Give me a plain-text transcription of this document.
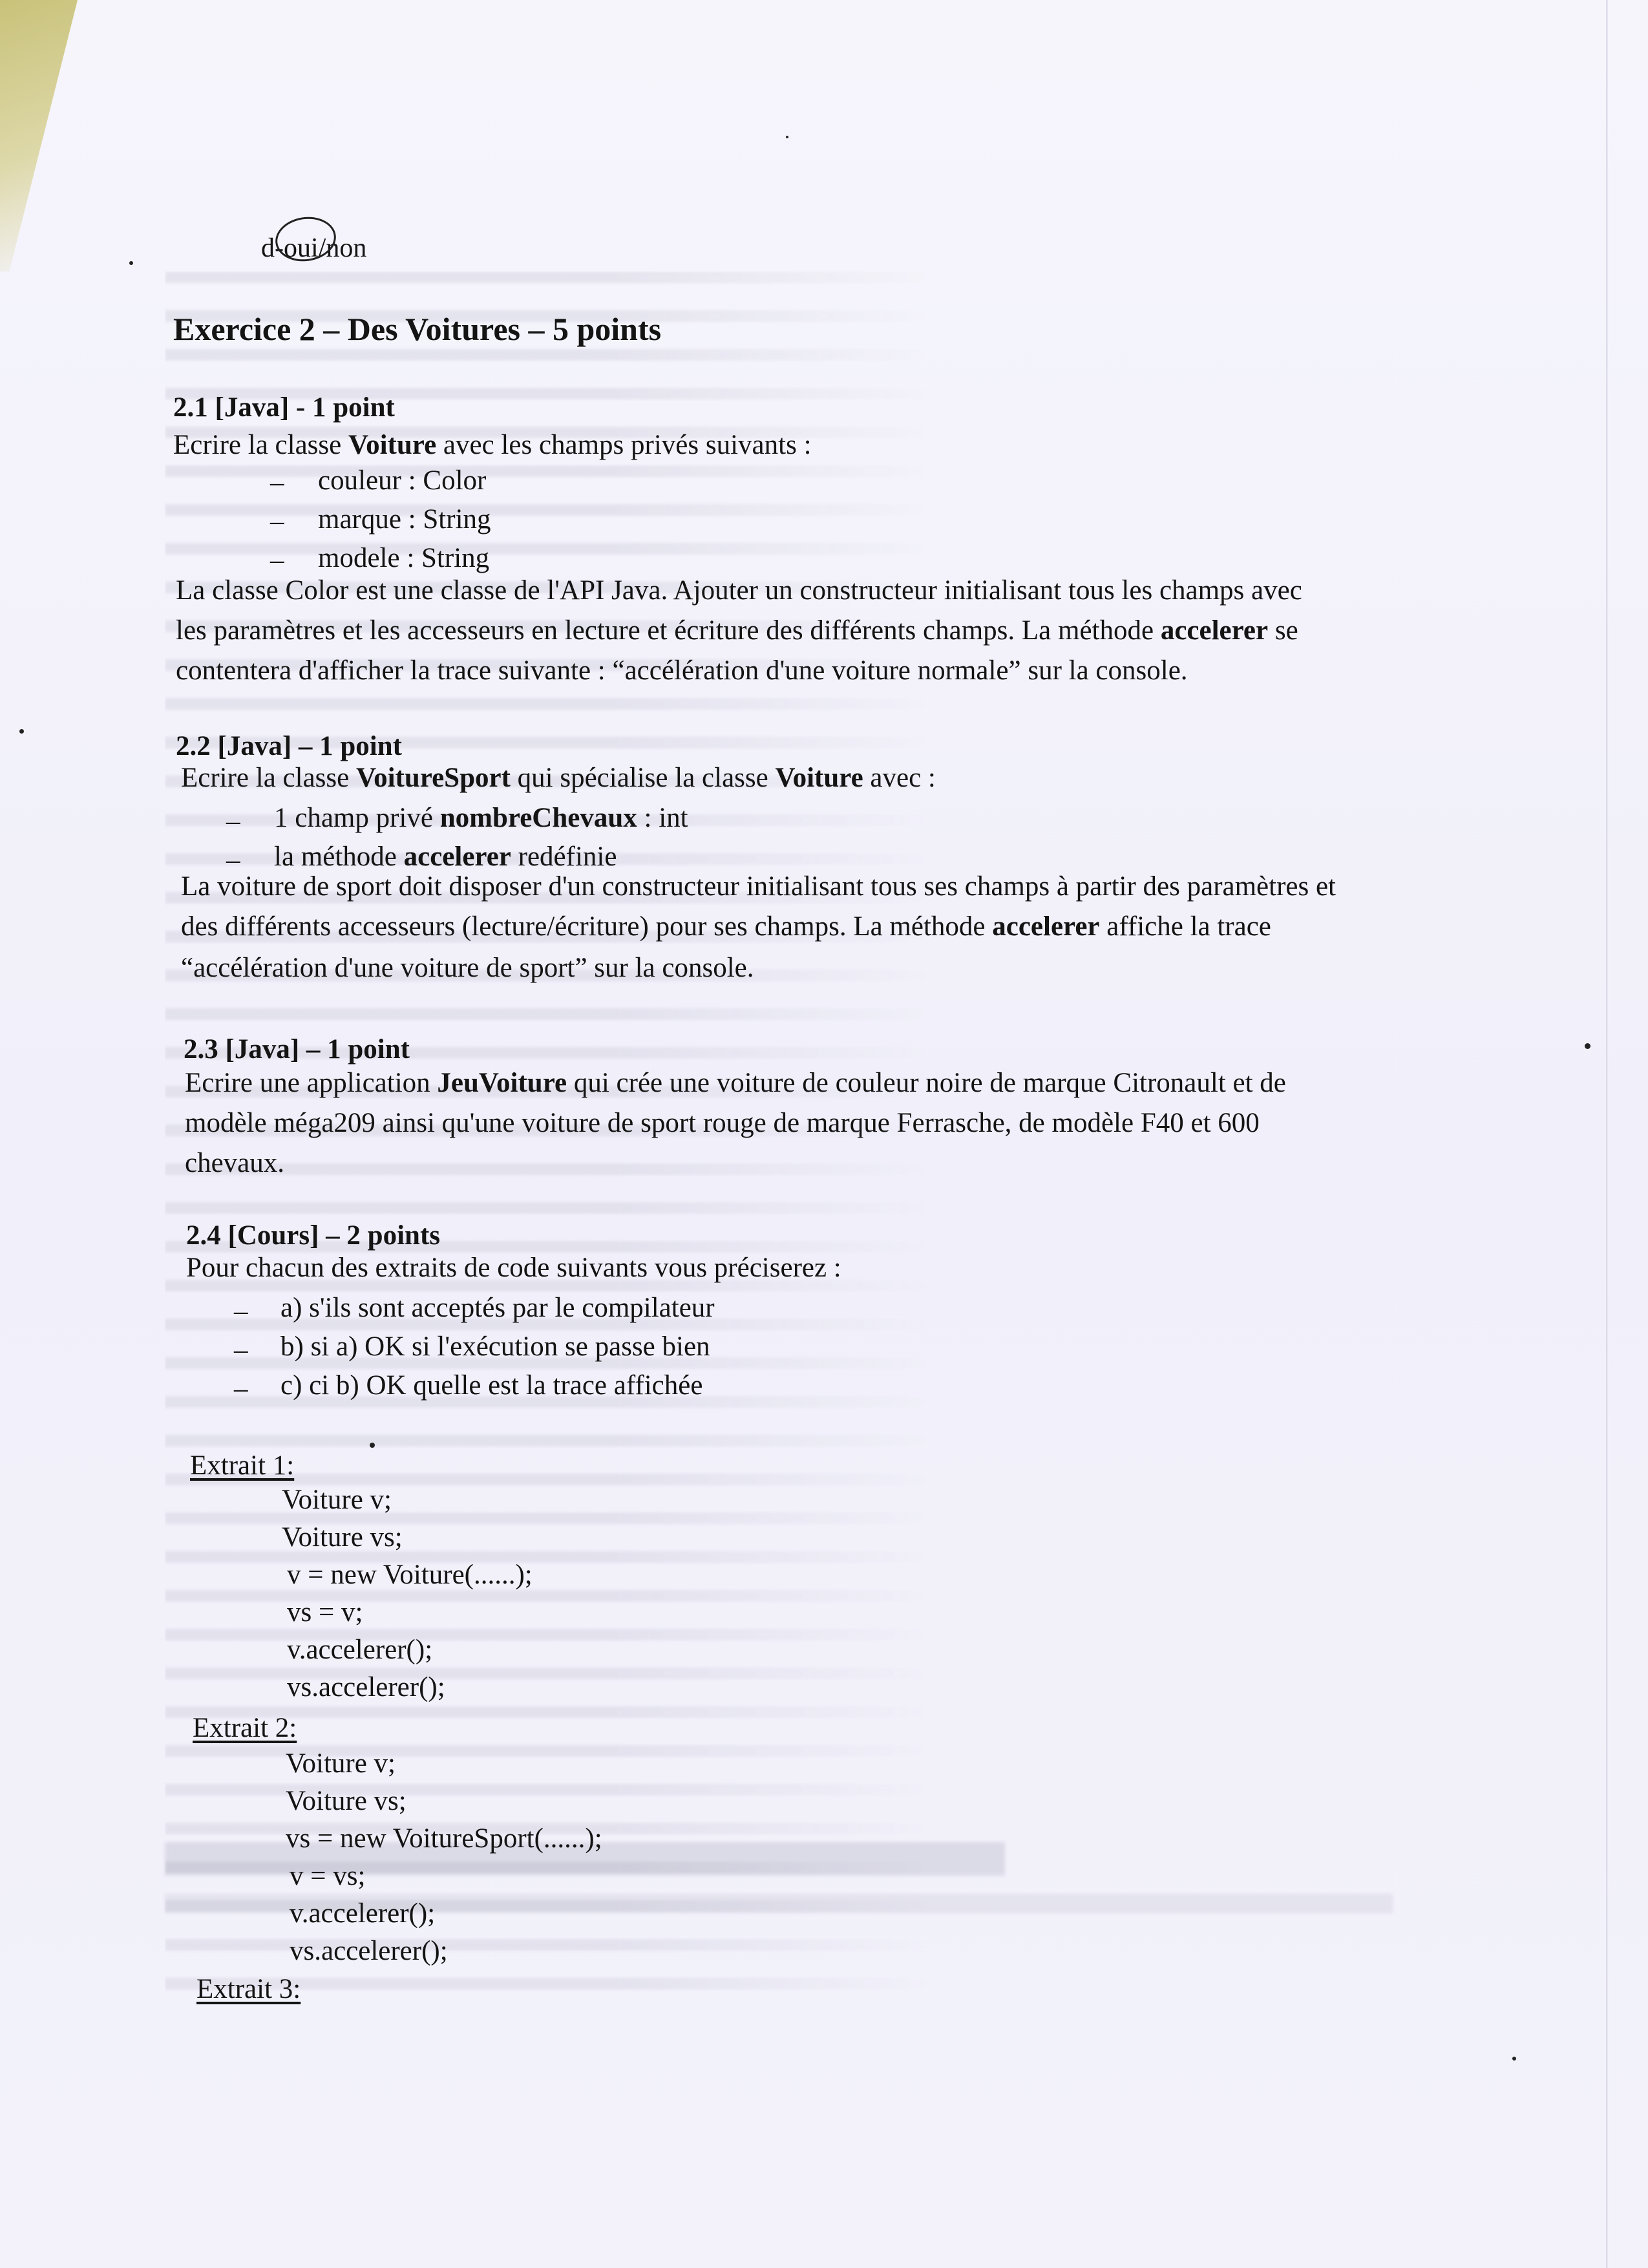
d-oui/non
Exercice 2 – Des Voitures – 5 points
2.1 [Java] - 1 point
Ecrire la classe Voiture avec les champs privés suivants :
– couleur : Color
– marque : String
– modele : String
La classe Color est une classe de l'API Java. Ajouter un constructeur initialisant tous les champs avec
les paramètres et les accesseurs en lecture et écriture des différents champs. La méthode accelerer se
contentera d'afficher la trace suivante : “accélération d'une voiture normale” sur la console.
2.2 [Java] – 1 point
Ecrire la classe VoitureSport qui spécialise la classe Voiture avec :
– 1 champ privé nombreChevaux : int
– la méthode accelerer redéfinie
La voiture de sport doit disposer d'un constructeur initialisant tous ses champs à partir des paramètres et
des différents accesseurs (lecture/écriture) pour ses champs. La méthode accelerer affiche la trace
“accélération d'une voiture de sport” sur la console.
2.3 [Java] – 1 point
Ecrire une application JeuVoiture qui crée une voiture de couleur noire de marque Citronault et de
modèle méga209 ainsi qu'une voiture de sport rouge de marque Ferrasche, de modèle F40 et 600
chevaux.
2.4 [Cours] – 2 points
Pour chacun des extraits de code suivants vous préciserez :
– a) s'ils sont acceptés par le compilateur
– b) si a) OK si l'exécution se passe bien
– c) ci b) OK quelle est la trace affichée
Extrait 1:
Voiture v;
Voiture vs;
v = new Voiture(......);
vs = v;
v.accelerer();
vs.accelerer();
Extrait 2:
Voiture v;
Voiture vs;
vs = new VoitureSport(......);
v = vs;
v.accelerer();
vs.accelerer();
Extrait 3:
